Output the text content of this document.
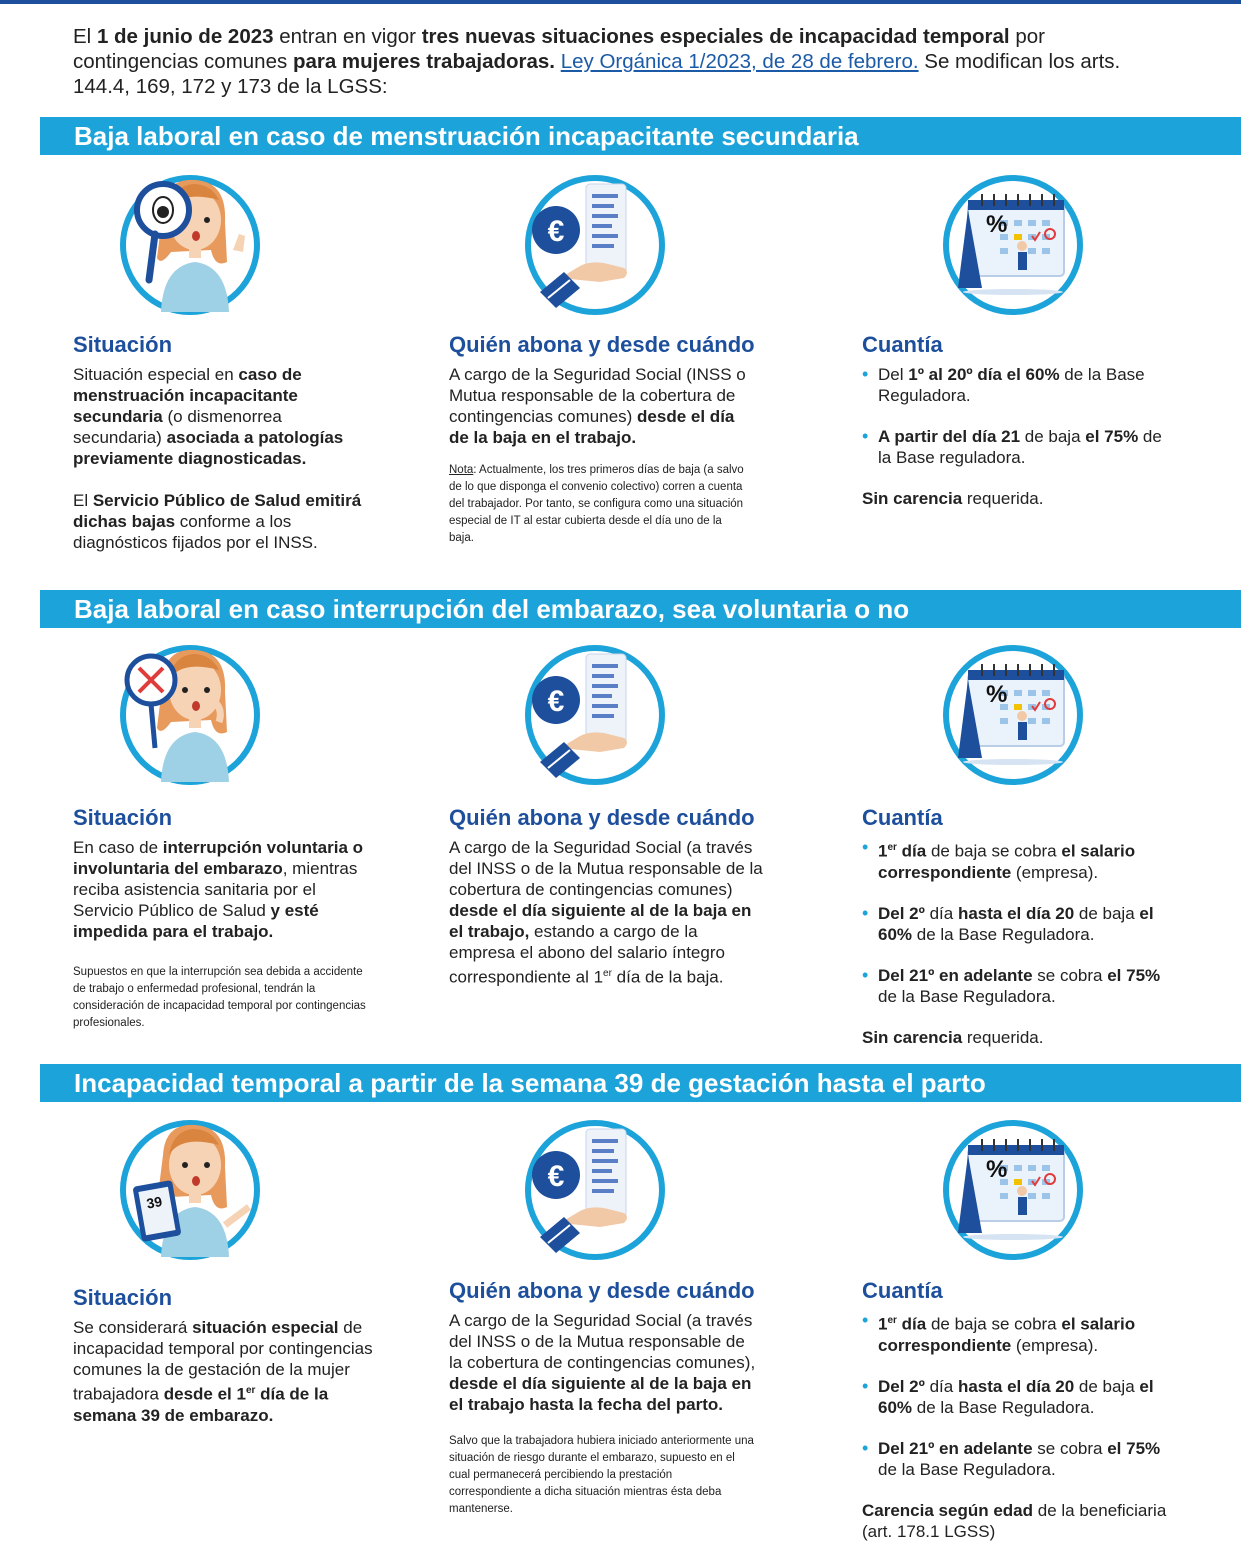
El 1 de junio de 2023 entran en vigor tres nuevas situaciones especiales de incapacidad temporal por contingencias comunes para mujeres trabajadoras. Ley Orgánica 1/2023, de 28 de febrero. Se modifican los arts. 144.4, 169, 172 y 173 de la LGSS:
Baja laboral en caso de menstruación incapacitante secundaria
Situación

Situación especial en caso de menstruación incapacitante secundaria (o dismenorrea secundaria) asociada a patologías previamente diagnosticadas.

El Servicio Público de Salud emitirá dichas bajas conforme a los diagnósticos fijados por el INSS.

Quién abona y desde cuándo

A cargo de la Seguridad Social (INSS o Mutua responsable de la cobertura de contingencias comunes) desde el día de la baja en el trabajo.

Nota: Actualmente, los tres primeros días de baja (a salvo de lo que disponga el convenio colectivo) corren a cuenta del trabajador. Por tanto, se configura como una situación especial de IT al estar cubierta desde el día uno de la baja.

Cuantía
• Del 1º al 20º día el 60% de la Base Reguladora.
• A partir del día 21 de baja el 75% de la Base reguladora.

Sin carencia requerida.

Baja laboral en caso interrupción del embarazo, sea voluntaria o no
Situación

En caso de interrupción voluntaria o involuntaria del embarazo, mientras reciba asistencia sanitaria por el Servicio Público de Salud y esté impedida para el trabajo.

Supuestos en que la interrupción sea debida a accidente de trabajo o enfermedad profesional, tendrán la consideración de incapacidad temporal por contingencias profesionales.

Quién abona y desde cuándo

A cargo de la Seguridad Social (a través del INSS o de la Mutua responsable de la cobertura de contingencias comunes) desde el día siguiente al de la baja en el trabajo, estando a cargo de la empresa el abono del salario íntegro correspondiente al 1er día de la baja.

Cuantía
• 1er día de baja se cobra el salario correspondiente (empresa).
• Del 2º día hasta el día 20 de baja el 60% de la Base Reguladora.
• Del 21º en adelante se cobra el 75% de la Base Reguladora.

Sin carencia requerida.

Incapacidad temporal a partir de la semana 39 de gestación hasta el parto
39
Situación

Se considerará situación especial de incapacidad temporal por contingencias comunes la de gestación de la mujer trabajadora desde el 1er día de la semana 39 de embarazo.

Quién abona y desde cuándo

A cargo de la Seguridad Social (a través del INSS o de la Mutua responsable de la cobertura de contingencias comunes), desde el día siguiente al de la baja en el trabajo hasta la fecha del parto.

Salvo que la trabajadora hubiera iniciado anteriormente una situación de riesgo durante el embarazo, supuesto en el cual permanecerá percibiendo la prestación correspondiente a dicha situación mientras ésta deba mantenerse.

Cuantía
• 1er día de baja se cobra el salario correspondiente (empresa).
• Del 2º día hasta el día 20 de baja el 60% de la Base Reguladora.
• Del 21º en adelante se cobra el 75% de la Base Reguladora.

Carencia según edad de la beneficiaria (art. 178.1 LGSS)
